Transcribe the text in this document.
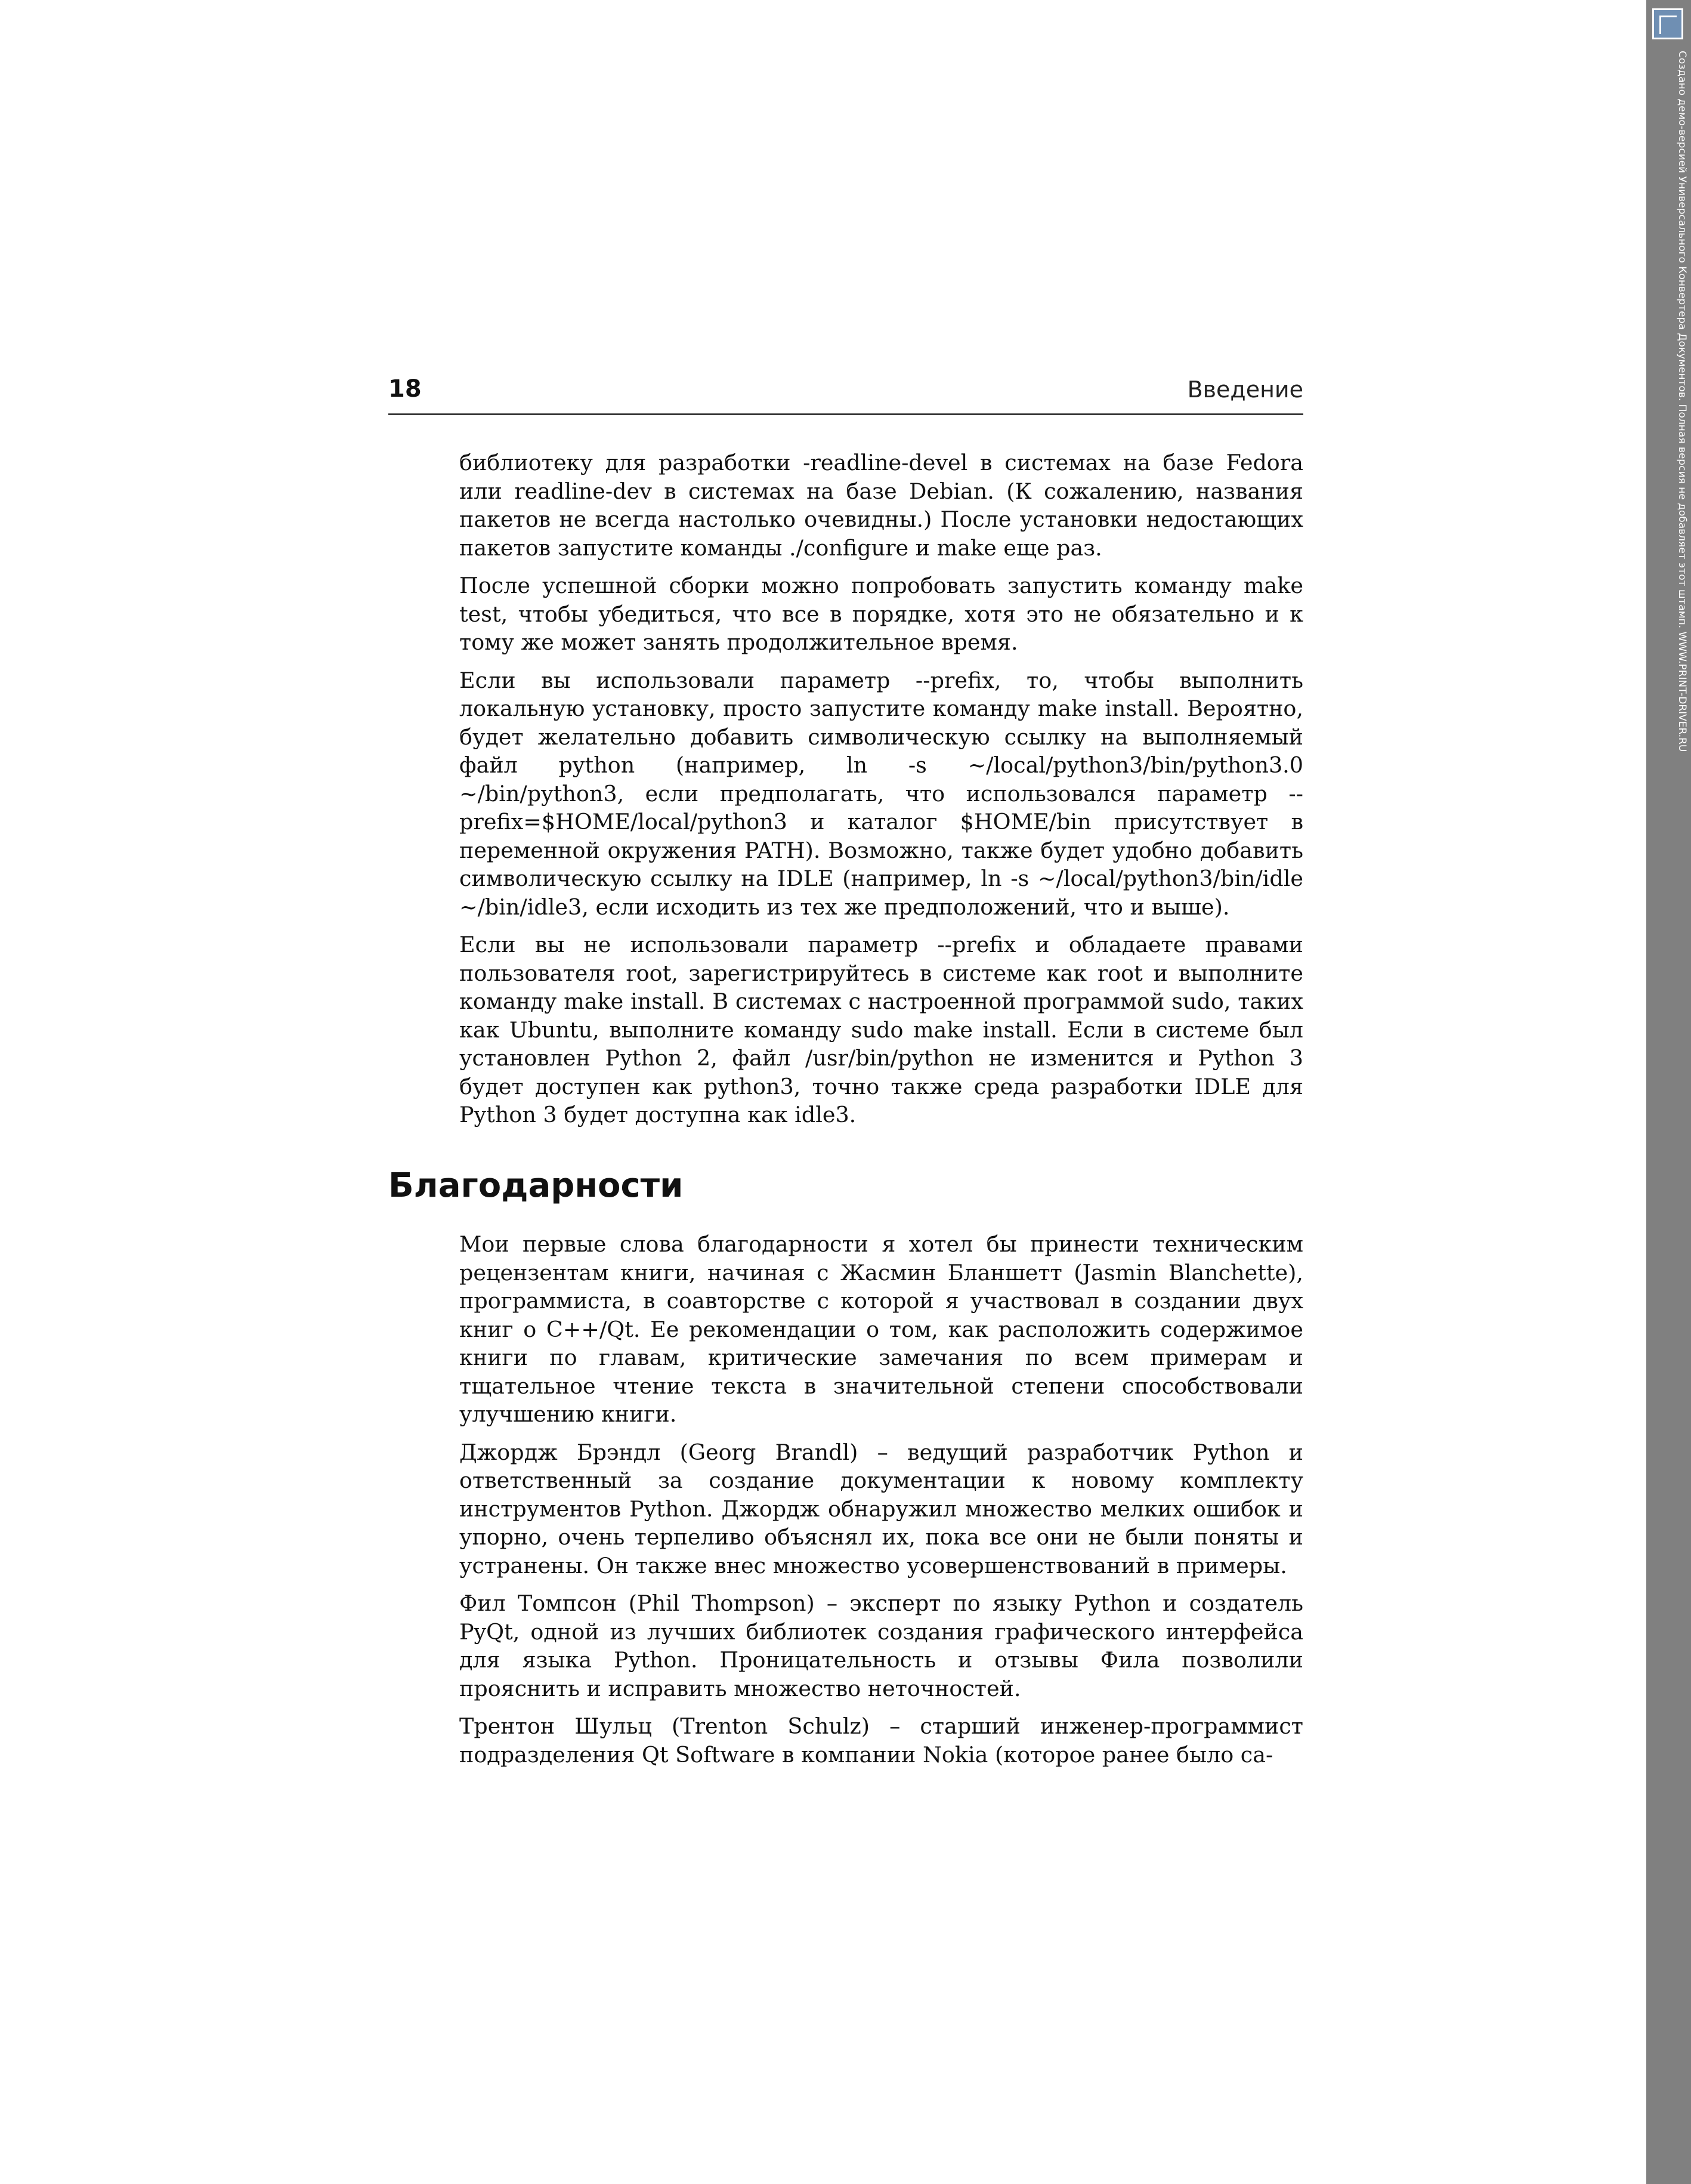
18	Введение

библиотеку для разработки -readline-devel в системах на базе Fedora или readline-dev в системах на базе Debian. (К сожалению, названия пакетов не всегда настолько очевидны.) После установки недостающих пакетов запустите команды ./configure и make еще раз.

После успешной сборки можно попробовать запустить команду make test, чтобы убедиться, что все в порядке, хотя это не обязательно и к тому же может занять продолжительное время.

Если вы использовали параметр --prefix, то, чтобы выполнить локальную установку, просто запустите команду make install. Вероятно, будет желательно добавить символическую ссылку на выполняемый файл python (например, ln -s ~/local/python3/bin/python3.0 ~/bin/python3, если предполагать, что использовался параметр --prefix=$HOME/local/python3 и каталог $HOME/bin присутствует в переменной окружения PATH). Возможно, также будет удобно добавить символическую ссылку на IDLE (например, ln -s ~/local/python3/bin/idle ~/bin/idle3, если исходить из тех же предположений, что и выше).

Если вы не использовали параметр --prefix и обладаете правами пользователя root, зарегистрируйтесь в системе как root и выполните команду make install. В системах с настроенной программой sudo, таких как Ubuntu, выполните команду sudo make install. Если в системе был установлен Python 2, файл /usr/bin/python не изменится и Python 3 будет доступен как python3, точно также среда разработки IDLE для Python 3 будет доступна как idle3.

Благодарности

Мои первые слова благодарности я хотел бы принести техническим рецензентам книги, начиная с Жасмин Бланшетт (Jasmin Blanchette), программиста, в соавторстве с которой я участвовал в создании двух книг о C++/Qt. Ее рекомендации о том, как расположить содержимое книги по главам, критические замечания по всем примерам и тщательное чтение текста в значительной степени способствовали улучшению книги.

Джордж Брэндл (Georg Brandl) – ведущий разработчик Python и ответственный за создание документации к новому комплекту инструментов Python. Джордж обнаружил множество мелких ошибок и упорно, очень терпеливо объяснял их, пока все они не были поняты и устранены. Он также внес множество усовершенствований в примеры.

Фил Томпсон (Phil Thompson) – эксперт по языку Python и создатель PyQt, одной из лучших библиотек создания графического интерфейса для языка Python. Проницательность и отзывы Фила позволили прояснить и исправить множество неточностей.

Трентон Шульц (Trenton Schulz) – старший инженер-программист подразделения Qt Software в компании Nokia (которое ранее было са-

Создано демо-версией Универсального Конвертера Документов. Полная версия не добавляет этот штамп. WWW.PRINT-DRIVER.RU
